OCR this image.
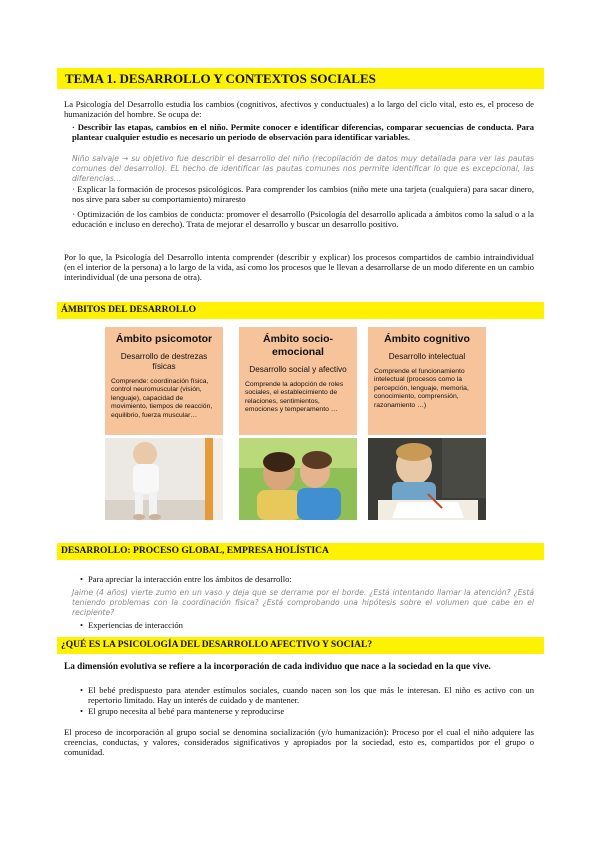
TEMA 1. DESARROLLO Y CONTEXTOS SOCIALES
La Psicología del Desarrollo estudia los cambios (cognitivos, afectivos y conductuales) a lo largo del ciclo vital, esto es, el proceso de humanización del hombre. Se ocupa de:
· Describir las etapas, cambios en el niño. Permite conocer e identificar diferencias, comparar secuencias de conducta. Para plantear cualquier estudio es necesario un periodo de observación para identificar variables.
Niño salvaje → su objetivo fue describir el desarrollo del niño (recopilación de datos muy detallada para ver las pautas comunes del desarrollo). EL hecho de identificar las pautas comunes nos permite identificar lo que es excepcional, las diferencias…
· Explicar la formación de procesos psicológicos. Para comprender los cambios (niño mete una tarjeta (cualquiera) para sacar dinero, nos sirve para saber su comportamiento) miraresto
· Optimización de los cambios de conducta: promover el desarrollo (Psicología del desarrollo aplicada a ámbitos como la salud o a la educación e incluso en derecho). Trata de mejorar el desarrollo y buscar un desarrollo positivo.
Por lo que, la Psicología del Desarrollo intenta comprender (describir y explicar) los procesos compartidos de cambio intraindividual (en el interior de la persona) a lo largo de la vida, así como los procesos que le llevan a desarrollarse de un modo diferente en un cambio interindividual (de una persona de otra).
ÁMBITOS DEL DESARROLLO
Ámbito psicomotor
Desarrollo de destrezas físicas
Comprende: coordinación física, control neuromuscular (visión, lenguaje), capacidad de movimiento, tiempos de reacción, equilibrio, fuerza muscular…
Ámbito socio-emocional
Desarrollo social y afectivo
Comprende la adopción de roles sociales, el establecimiento de relaciones, sentimientos, emociones y temperamento …
Ámbito cognitivo
Desarrollo intelectual
Comprende el funcionamiento intelectual (procesos como la percepción, lenguaje, memoria, conocimiento, comprensión, razonamiento …)
DESARROLLO: PROCESO GLOBAL, EMPRESA HOLÍSTICA
• Para apreciar la interacción entre los ámbitos de desarrollo:
Jaime (4 años) vierte zumo en un vaso y deja que se derrame por el borde. ¿Está intentando llamar la atención? ¿Está teniendo problemas con la coordinación física? ¿Está comprobando una hipótesis sobre el volumen que cabe en el recipiente?
• Experiencias de interacción
¿QUÉ ES LA PSICOLOGÍA DEL DESARROLLO AFECTIVO Y SOCIAL?
La dimensión evolutiva se refiere a la incorporación de cada individuo que nace a la sociedad en la que vive.
• El bebé predispuesto para atender estímulos sociales, cuando nacen son los que más le interesan. El niño es activo con un repertorio limitado. Hay un interés de cuidado y de mantener.
• El grupo necesita al bebé para mantenerse y reproducirse
El proceso de incorporación al grupo social se denomina socialización (y/o humanización): Proceso por el cual el niño adquiere las creencias, conductas, y valores, considerados significativos y apropiados por la sociedad, esto es, compartidos por el grupo o comunidad.
